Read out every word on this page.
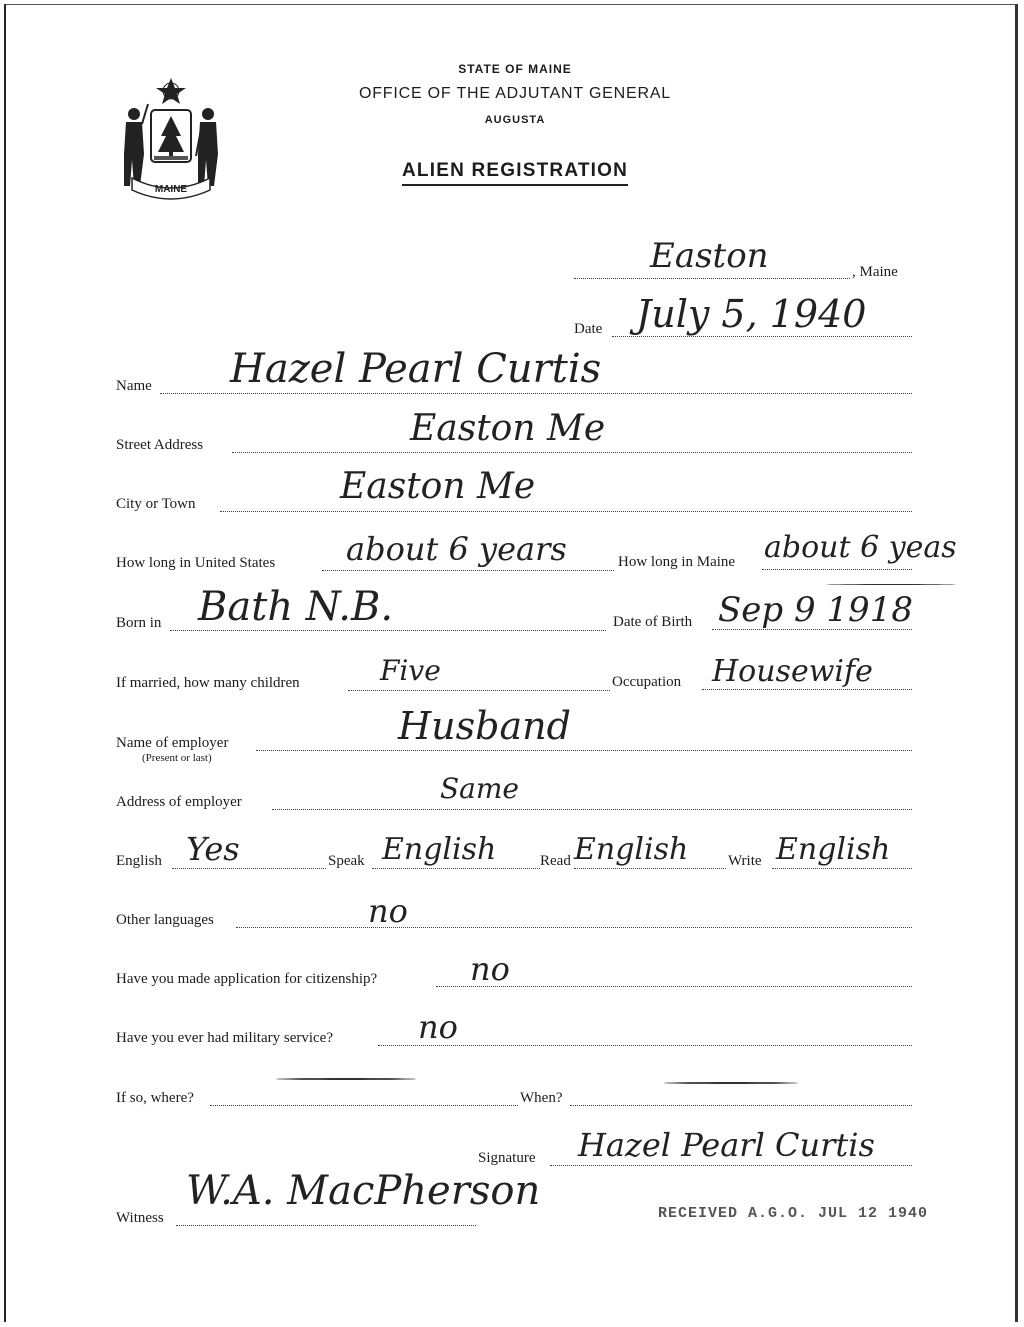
MAINE
STATE OF MAINE
OFFICE OF THE ADJUTANT GENERAL
AUGUSTA
ALIEN REGISTRATION
Easton	, Maine
Date July 5, 1940
Name Hazel Pearl Curtis
Street Address	Easton Me
City or Town	Easton Me
How long in United States about 6 years	How long in Maine about 6 yeas
Born in Bath N.B.	Date of Birth Sep 9 1918
If married, how many children	Five	Occupation Housewife
Name of employer
(Present or last)
Husband
Address of employer	Same
English Yes	Speak English	Read English	Write English
Other languages	no
Have you made application for citizenship?	no
Have you ever had military service?	no
If so, where?	When?
Signature Hazel Pearl Curtis
Witness
W.A. MacPherson	RECEIVED A.G.O. JUL 12 1940
